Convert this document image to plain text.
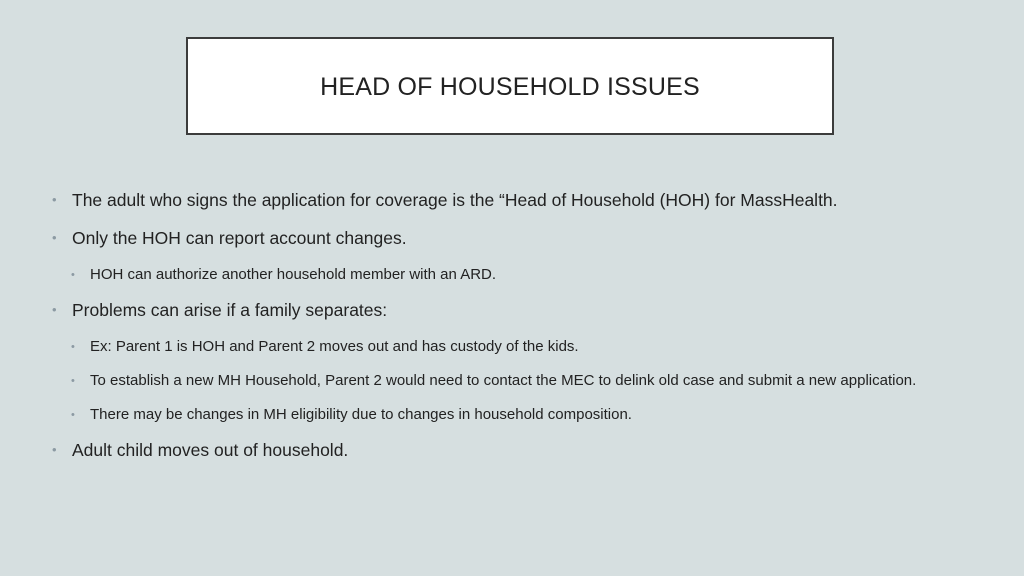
HEAD OF HOUSEHOLD ISSUES
• The adult who signs the application for coverage is the “Head of Household (HOH) for MassHealth.
• Only the HOH can report account changes.
• HOH can authorize another household member with an ARD.
• Problems can arise if a family separates:
• Ex: Parent 1 is HOH and Parent 2 moves out and has custody of the kids.
• To establish a new MH Household, Parent 2 would need to contact the MEC to delink old case and submit a new application.
• There may be changes in MH eligibility due to changes in household composition.
• Adult child moves out of household.
